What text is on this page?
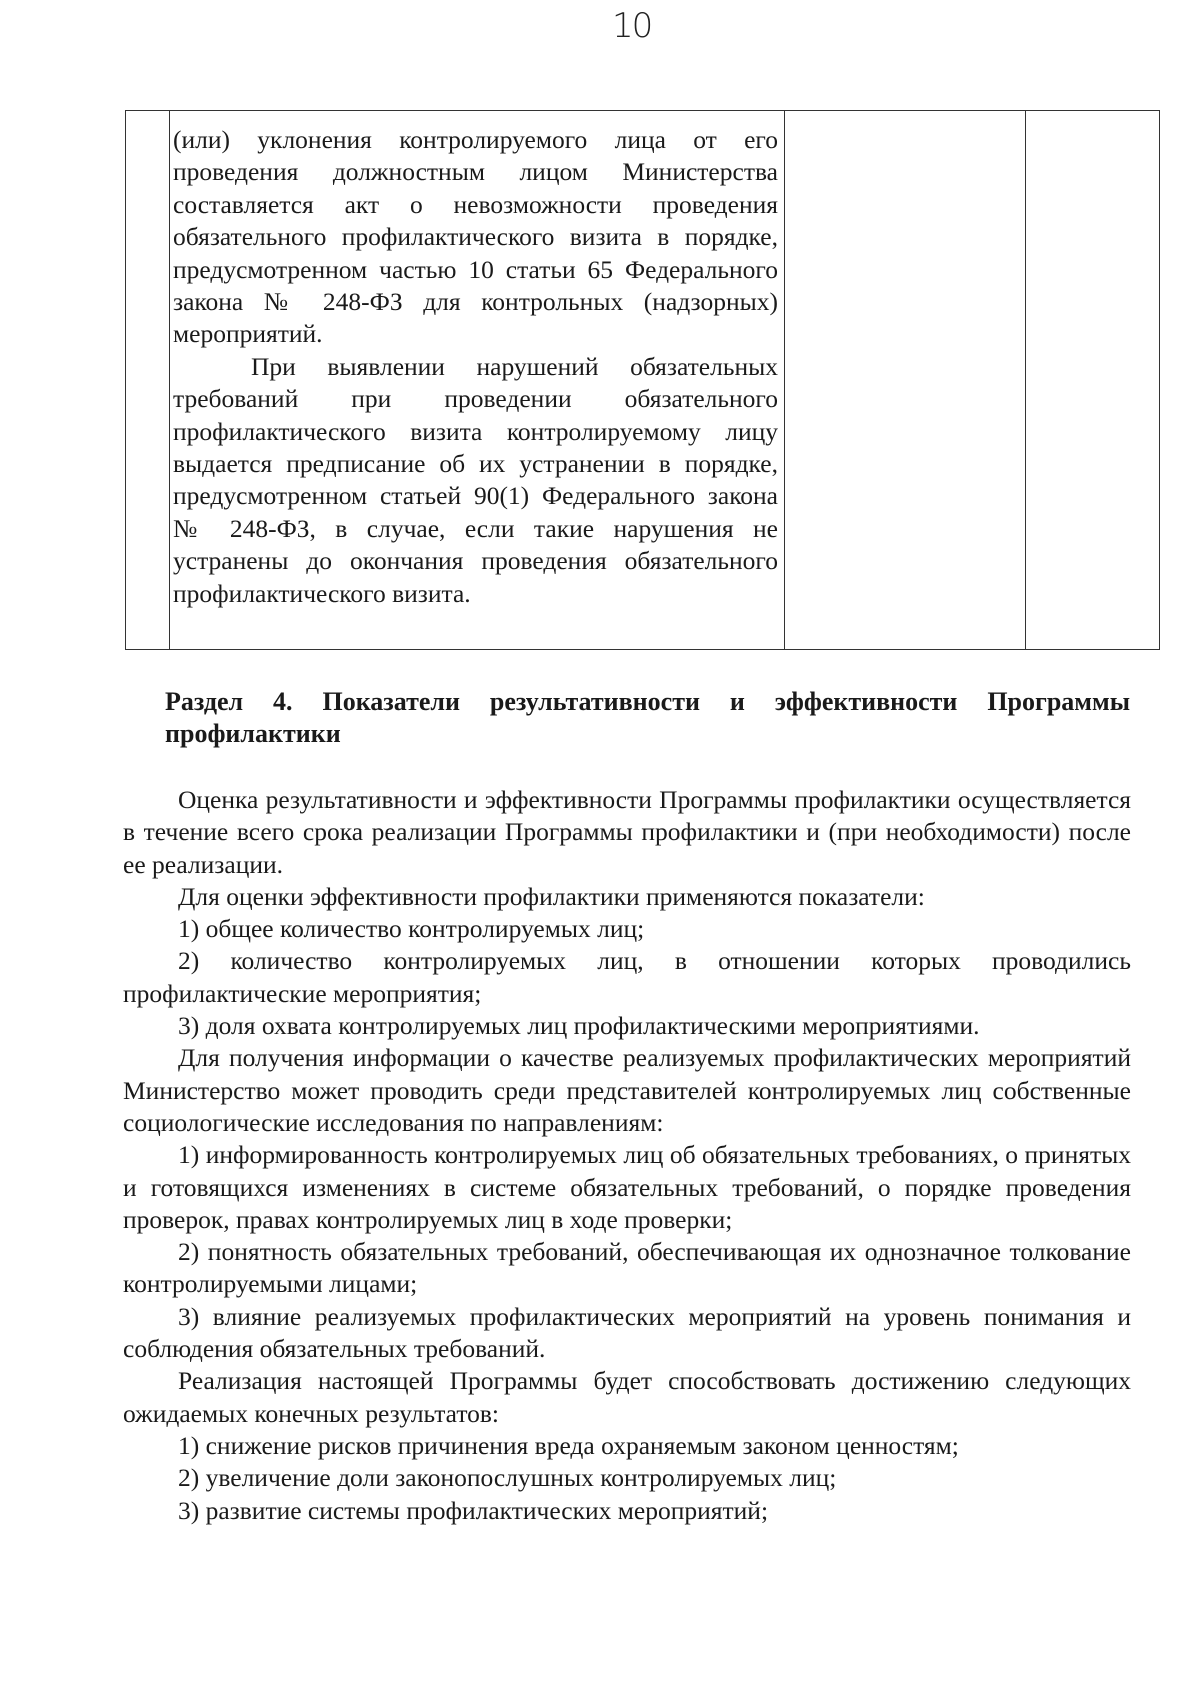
10

(или) уклонения контролируемого лица от его проведения должностным лицом Министерства составляется акт о невозможности проведения обязательного профилактического визита в порядке, предусмотренном частью 10 статьи 65 Федерального закона № 248-ФЗ для контрольных (надзорных) мероприятий.

При выявлении нарушений обязательных требований при проведении обязательного профилактического визита контролируемому лицу выдается предписание об их устранении в порядке, предусмотренном статьей 90(1) Федерального закона № 248-ФЗ, в случае, если такие нарушения не устранены до окончания проведения обязательного профилактического визита.

Раздел 4. Показатели результативности и эффективности Программы профилактики

Оценка результативности и эффективности Программы профилактики осуществляется в течение всего срока реализации Программы профилактики и (при необходимости) после ее реализации.

Для оценки эффективности профилактики применяются показатели:

1) общее количество контролируемых лиц;

2) количество контролируемых лиц, в отношении которых проводились профилактические мероприятия;

3) доля охвата контролируемых лиц профилактическими мероприятиями.

Для получения информации о качестве реализуемых профилактических мероприятий Министерство может проводить среди представителей контролируемых лиц собственные социологические исследования по направлениям:

1) информированность контролируемых лиц об обязательных требованиях, о принятых и готовящихся изменениях в системе обязательных требований, о порядке проведения проверок, правах контролируемых лиц в ходе проверки;

2) понятность обязательных требований, обеспечивающая их однозначное толкование контролируемыми лицами;

3) влияние реализуемых профилактических мероприятий на уровень понимания и соблюдения обязательных требований.

Реализация настоящей Программы будет способствовать достижению следующих ожидаемых конечных результатов:

1) снижение рисков причинения вреда охраняемым законом ценностям;

2) увеличение доли законопослушных контролируемых лиц;

3) развитие системы профилактических мероприятий;
